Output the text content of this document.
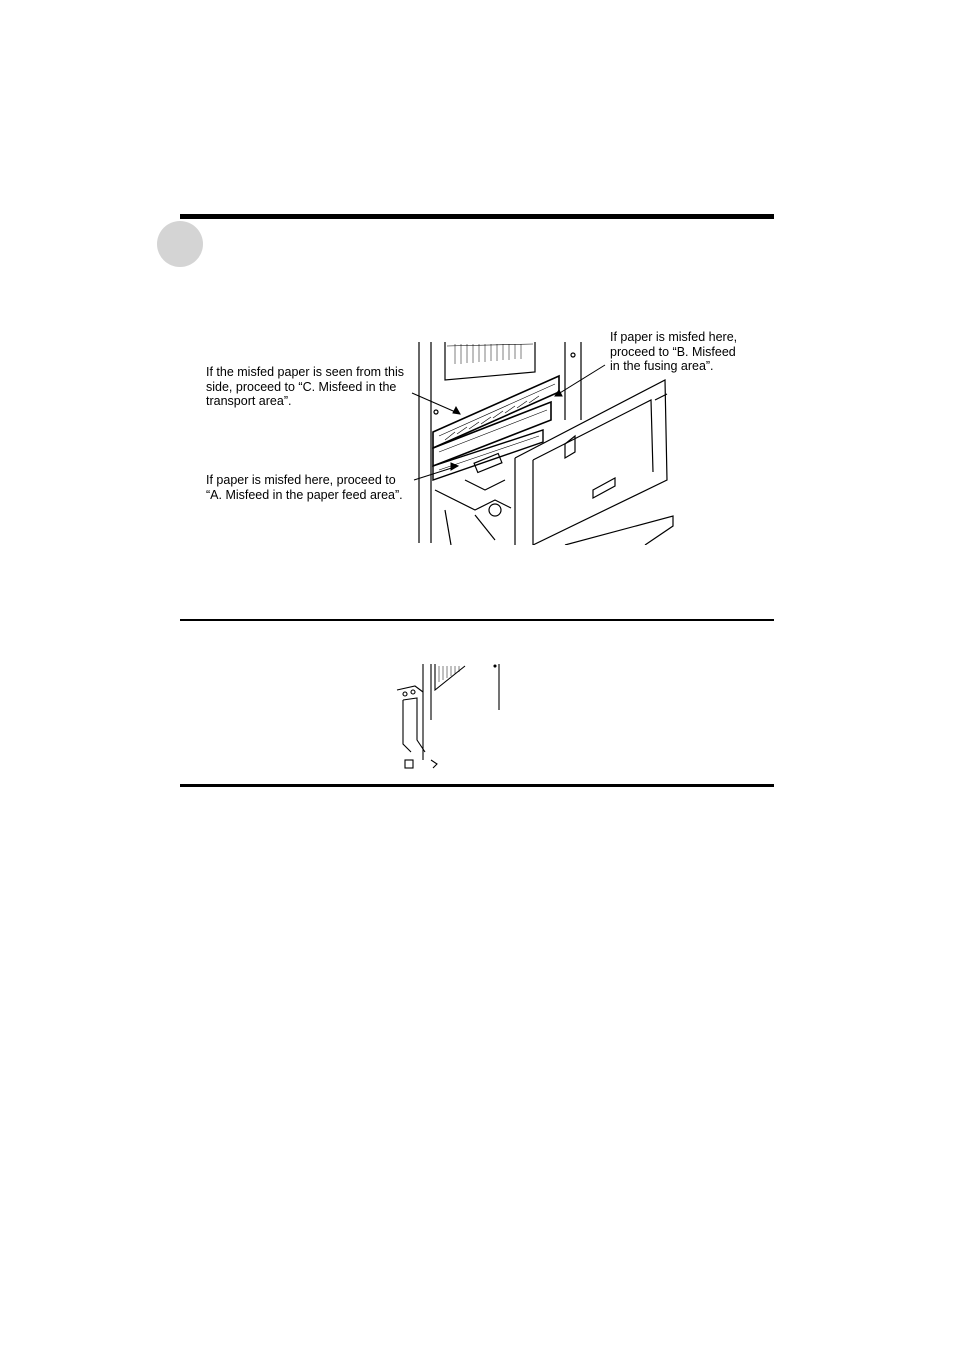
If the misfed paper is seen from this
side, proceed to “C. Misfeed in the
transport area”.
If paper is misfed here,
proceed to “B. Misfeed
in the fusing area”.
If paper is misfed here, proceed to
“A. Misfeed in the paper feed area”.
